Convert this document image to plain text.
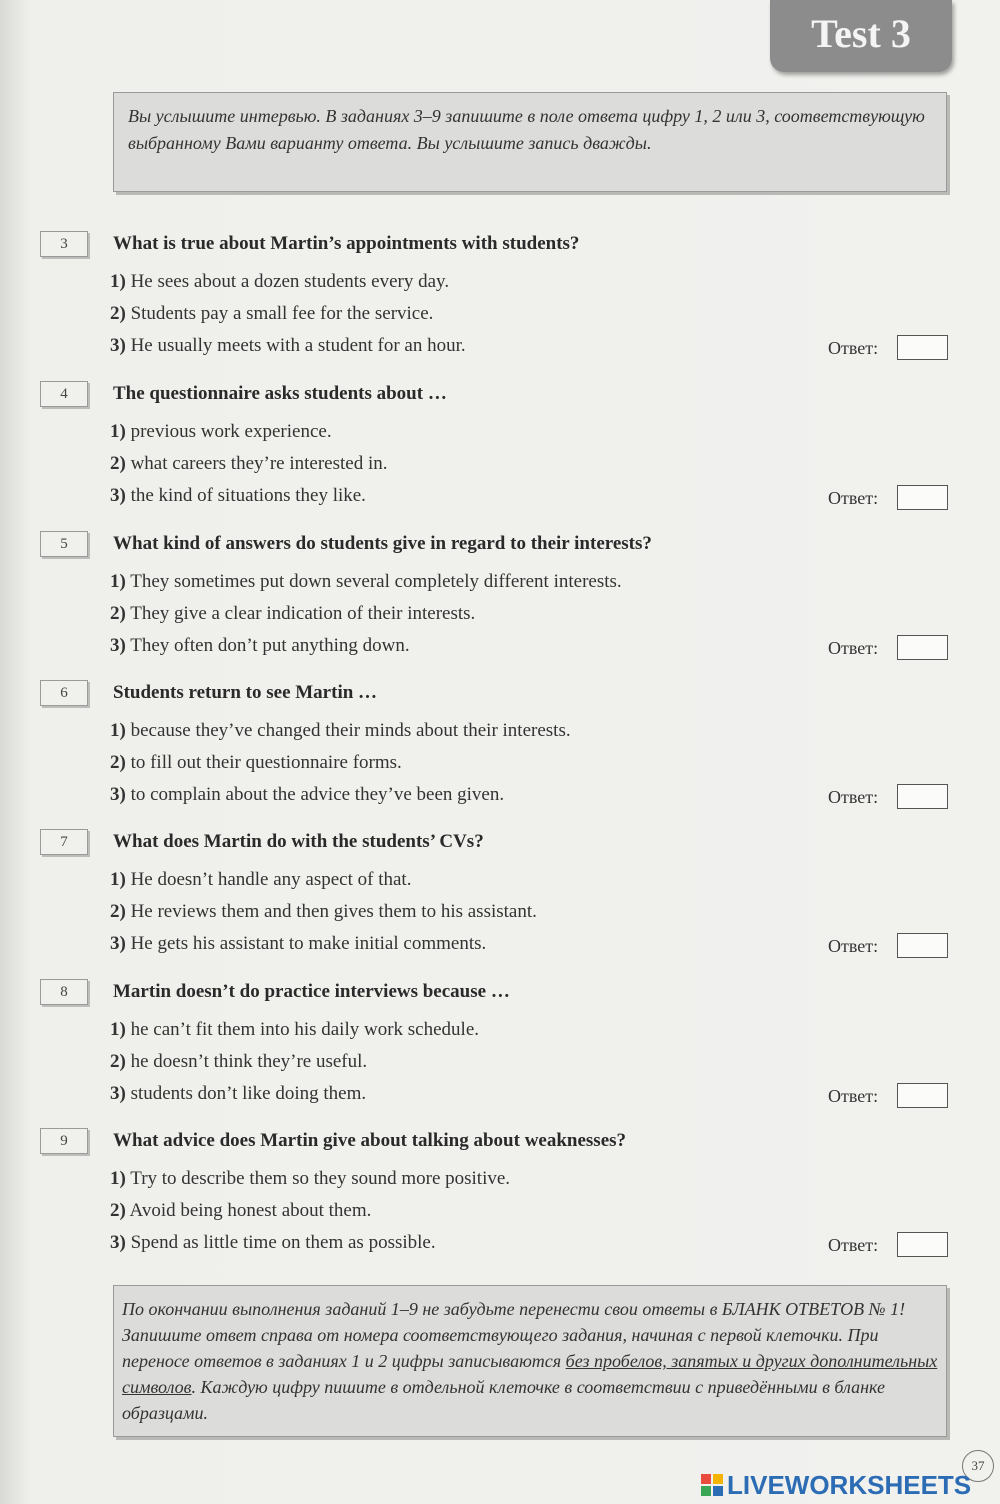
Test 3
Вы услышите интервью. В заданиях 3–9 запишите в поле ответа цифру 1, 2 или 3, соответствующую выбранному Вами варианту ответа. Вы услышите запись дважды.
3	What is true about Martin’s appointments with students?
1) He sees about a dozen students every day.
2) Students pay a small fee for the service.
3) He usually meets with a student for an hour.	Ответ:
4	The questionnaire asks students about …
1) previous work experience.
2) what careers they’re interested in.
3) the kind of situations they like.	Ответ:
5	What kind of answers do students give in regard to their interests?
1) They sometimes put down several completely different interests.
2) They give a clear indication of their interests.
3) They often don’t put anything down.	Ответ:
6	Students return to see Martin …
1) because they’ve changed their minds about their interests.
2) to fill out their questionnaire forms.
3) to complain about the advice they’ve been given.	Ответ:
7	What does Martin do with the students’ CVs?
1) He doesn’t handle any aspect of that.
2) He reviews them and then gives them to his assistant.
3) He gets his assistant to make initial comments.	Ответ:
8	Martin doesn’t do practice interviews because …
1) he can’t fit them into his daily work schedule.
2) he doesn’t think they’re useful.
3) students don’t like doing them.	Ответ:
9	What advice does Martin give about talking about weaknesses?
1) Try to describe them so they sound more positive.
2) Avoid being honest about them.
3) Spend as little time on them as possible.	Ответ:
По окончании выполнения заданий 1–9 не забудьте перенести свои ответы в БЛАНК ОТВЕТОВ № 1! Запишите ответ справа от номера соответствующего задания, начиная с первой клеточки. При переносе ответов в заданиях 1 и 2 цифры записываются без пробелов, запятых и других дополнительных символов. Каждую цифру пишите в отдельной клеточке в соответствии с приведёнными в бланке образцами.
37
LIVEWORKSHEETS
